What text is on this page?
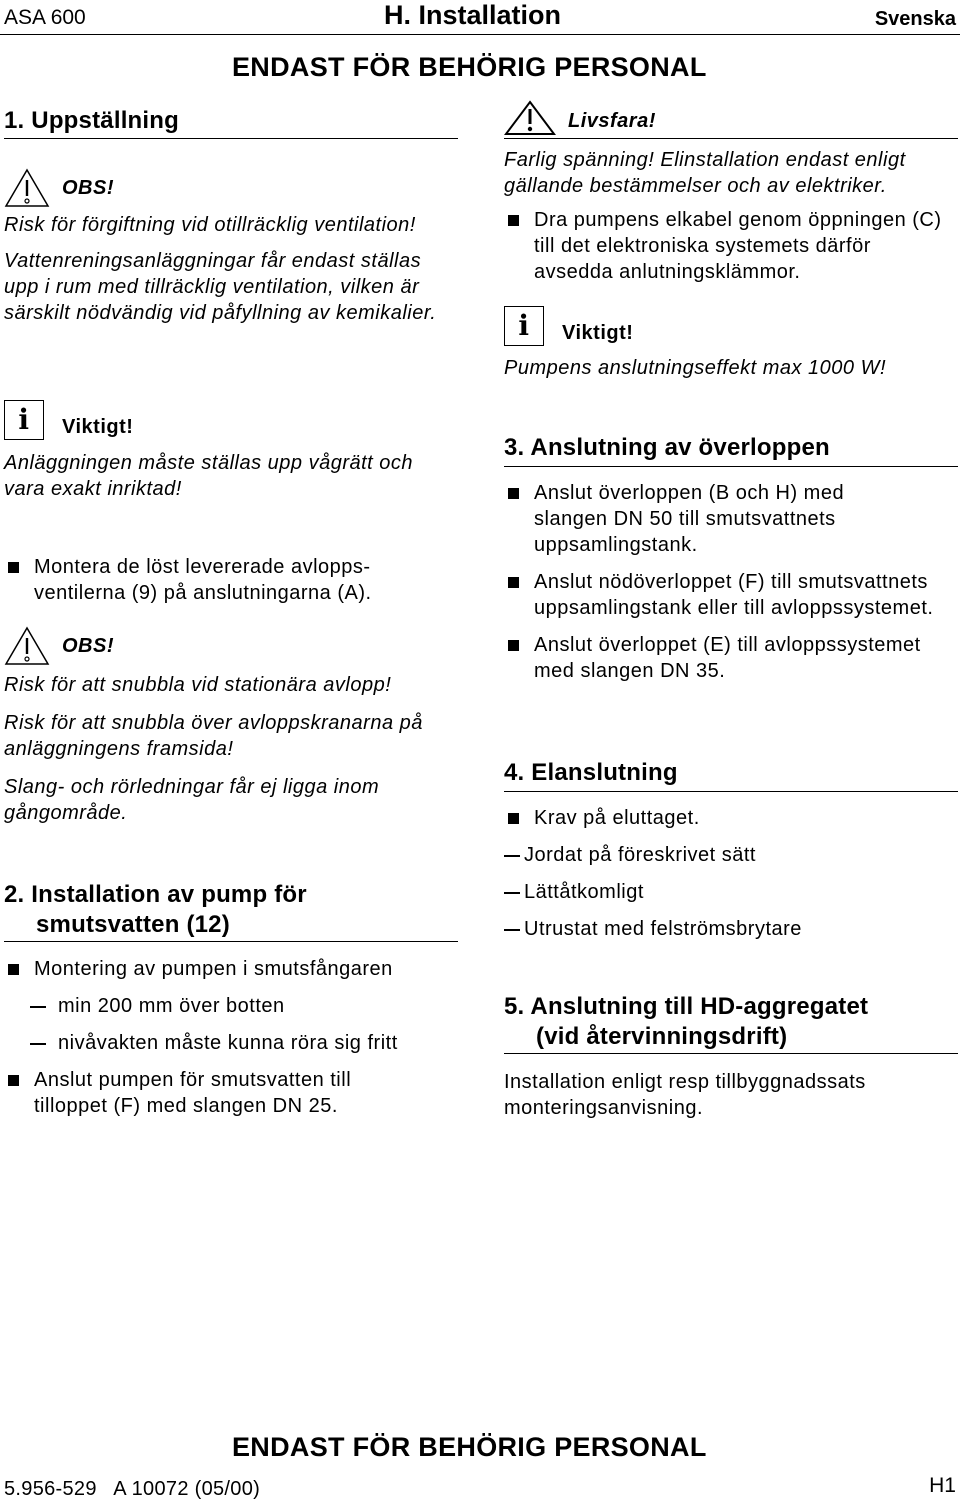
ASA 600	H. Installation	Svenska
ENDAST FÖR BEHÖRIG PERSONAL
1. Uppställning
OBS!

Risk för förgiftning vid otillräcklig ventilation!

Vattenreningsanläggningar får endast ställas upp i rum med tillräcklig ventilation, vilken är särskilt nödvändig vid påfyllning av kemikalier.

i	Viktigt!

Anläggningen måste ställas upp vågrätt och vara exakt inriktad!

Montera de löst levererade avlopps-ventilerna (9) på anslutningarna (A).

OBS!

Risk för att snubbla vid stationära avlopp!

Risk för att snubbla över avloppskranarna på anläggningens framsida!

Slang- och rörledningar får ej ligga inom gångområde.

2. Installation av pump för
smutsvatten (12)

Montering av pumpen i smutsfångaren

min 200 mm över botten

nivåvakten måste kunna röra sig fritt

Anslut pumpen för smutsvatten till tilloppet (F) med slangen DN 25.

Livsfara!

Farlig spänning! Elinstallation endast enligt gällande bestämmelser och av elektriker.

Dra pumpens elkabel genom öppningen (C) till det elektroniska systemets därför avsedda anlutningsklämmor.

i	Viktigt!

Pumpens anslutningseffekt max 1000 W!

3. Anslutning av överloppen

Anslut överloppen (B och H) med slangen DN 50 till smutsvattnets uppsamlingstank.

Anslut nödöverloppet (F) till smutsvattnets uppsamlingstank eller till avloppssystemet.

Anslut överloppet (E) till avloppssystemet med slangen DN 35.

4. Elanslutning

Krav på eluttaget.

Jordat på föreskrivet sätt

Lättåtkomligt

Utrustat med felströmsbrytare

5. Anslutning till HD-aggregatet
(vid återvinningsdrift)

Installation enligt resp tillbyggnadssats monteringsanvisning.

ENDAST FÖR BEHÖRIG PERSONAL
5.956-529   A 10072 (05/00)	H1
